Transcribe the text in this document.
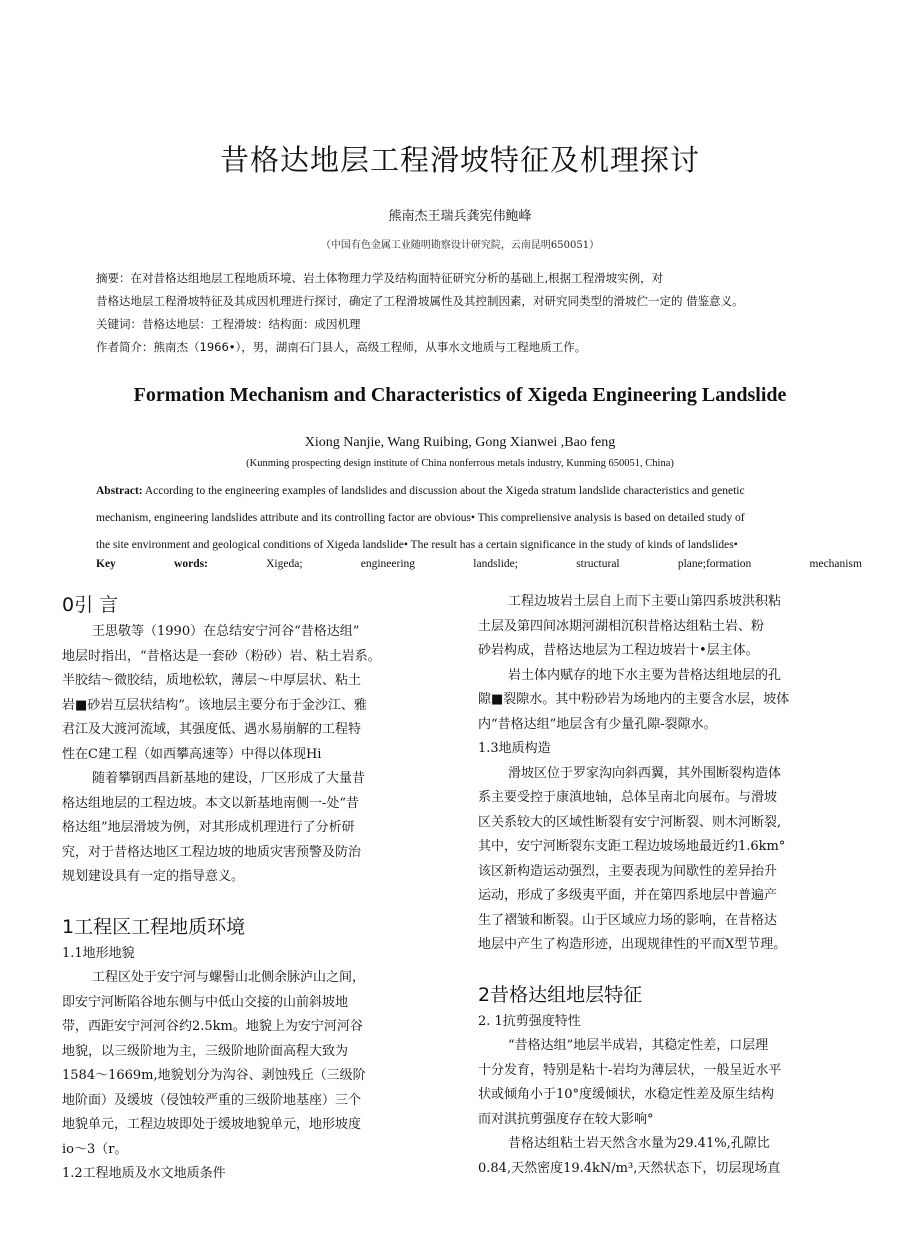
昔格达地层工程滑坡特征及机理探讨
熊南杰王瑞兵龚宪伟鲍峰
（中国有色金属工业随明勘察设计研究院，云南昆明650051）
摘要：在对昔格达组地层工程地质环境、岩土体物理力学及结构面特征研究分析的基础上,根据工程滑坡实例，对
昔格达地层工程滑坡特征及其成因机理进行探讨，确定了工程滑坡属性及其控制因素，对研究同类型的滑坡伫一定的 借鉴意义。
关键词：昔格达地层：工程滑坡：结构面：成因机理
作者简介：熊南杰（1966•），男，湖南石门县人，高级工程师，从事水文地质与工程地质工作。
Formation Mechanism and Characteristics of Xigeda Engineering Landslide
Xiong Nanjie, Wang Ruibing, Gong Xianwei ,Bao feng
(Kunming prospecting design institute of China nonferrous metals industry, Kunming 650051, China)
Abstract: According to the engineering examples of landslides and discussion about the Xigeda stratum landslide characteristics and genetic
mechanism, engineering landslides attribute and its controlling factor are obvious• This compreliensive analysis is based on detailed study of
the site environment and geological conditions of Xigeda landslide• The result has a certain significance in the study of kinds of landslides•
Key	words:	Xigeda;	engineering	landslide;	structural	plane;formation	mechanism
0引 言
王思敬等（1990）在总结安宁河谷“昔格达组”
地层时指出，“昔格达是一套砂（粉砂）岩、粘土岩系。
半胶结〜微胶结，质地松软，薄层〜中厚层状、粘土
岩■砂岩互层状结构”。该地层主要分布于金沙江、雅
君江及大渡河流域，其强度低、遇水易崩解的工程特
性在C建工程（如西攀高速等）中得以体现Hi
随着攀钢西昌新基地的建设，厂区形成了大量昔
格达组地层的工程边坡。本文以新基地南侧一-处“昔
格达组”地层滑坡为例，对其形成机理进行了分析研
究，对于昔格达地区工程边坡的地质灾害预警及防治
规划建设具有一定的指导意义。
1工程区工程地质环境
1.1地形地貌
工程区处于安宁河与螺髻山北侧余脉泸山之间，
即安宁河断陷谷地东侧与中低山交接的山前斜坡地
带，西距安宁河河谷约2.5km。地貌上为安宁河河谷
地貌，以三级阶地为主，三级阶地阶面高程大致为
1584〜1669m,地貌划分为沟谷、剥蚀残丘（三级阶
地阶面）及缓坡（侵蚀较严重的三级阶地基座）三个
地貌单元，工程边坡即处于缓坡地貌单元，地形坡度
io〜3（r。
1.2工程地质及水文地质条件
工程边坡岩土层自上而下主要山第四系坡洪积粘
土层及第四间冰期河湖相沉积昔格达组粘土岩、粉
砂岩构成，昔格达地层为工程边坡岩十•层主体。
岩土体内赋存的地下水主要为昔格达组地层的孔
隙■裂隙水。其中粉砂岩为场地内的主要含水层，坡体
内“昔格达组”地层含有少量孔隙-裂隙水。
1.3地质构造
滑坡区位于罗家沟向斜西翼，其外围断裂构造体
系主要受控于康滇地轴，总体呈南北向展布。与滑坡
区关系较大的区域性断裂有安宁河断裂、则木河断裂,
其中，安宁河断裂东支距工程边坡场地最近约1.6km°
该区新构造运动强烈，主要表现为间歇性的差异抬升
运动，形成了多级夷平面，并在第四系地层中普遍产
生了褶皱和断裂。山于区域应力场的影响，在昔格达
地层中产生了构造形迹，出现规律性的平而X型节理。
2昔格达组地层特征
2. 1抗剪强度特性
“昔格达组”地层半成岩，其稳定性差，口层理
十分发育，特别是粘十-岩均为薄层状，一般呈近水平
状或倾角小于10°度缓倾状，水稳定性差及原生结构
而对淇抗剪强度存在较大影响°
昔格达组粘土岩天然含水量为29.41%,孔隙比
0.84,天然密度19.4kN/m³,天然状态下，切层现场直
